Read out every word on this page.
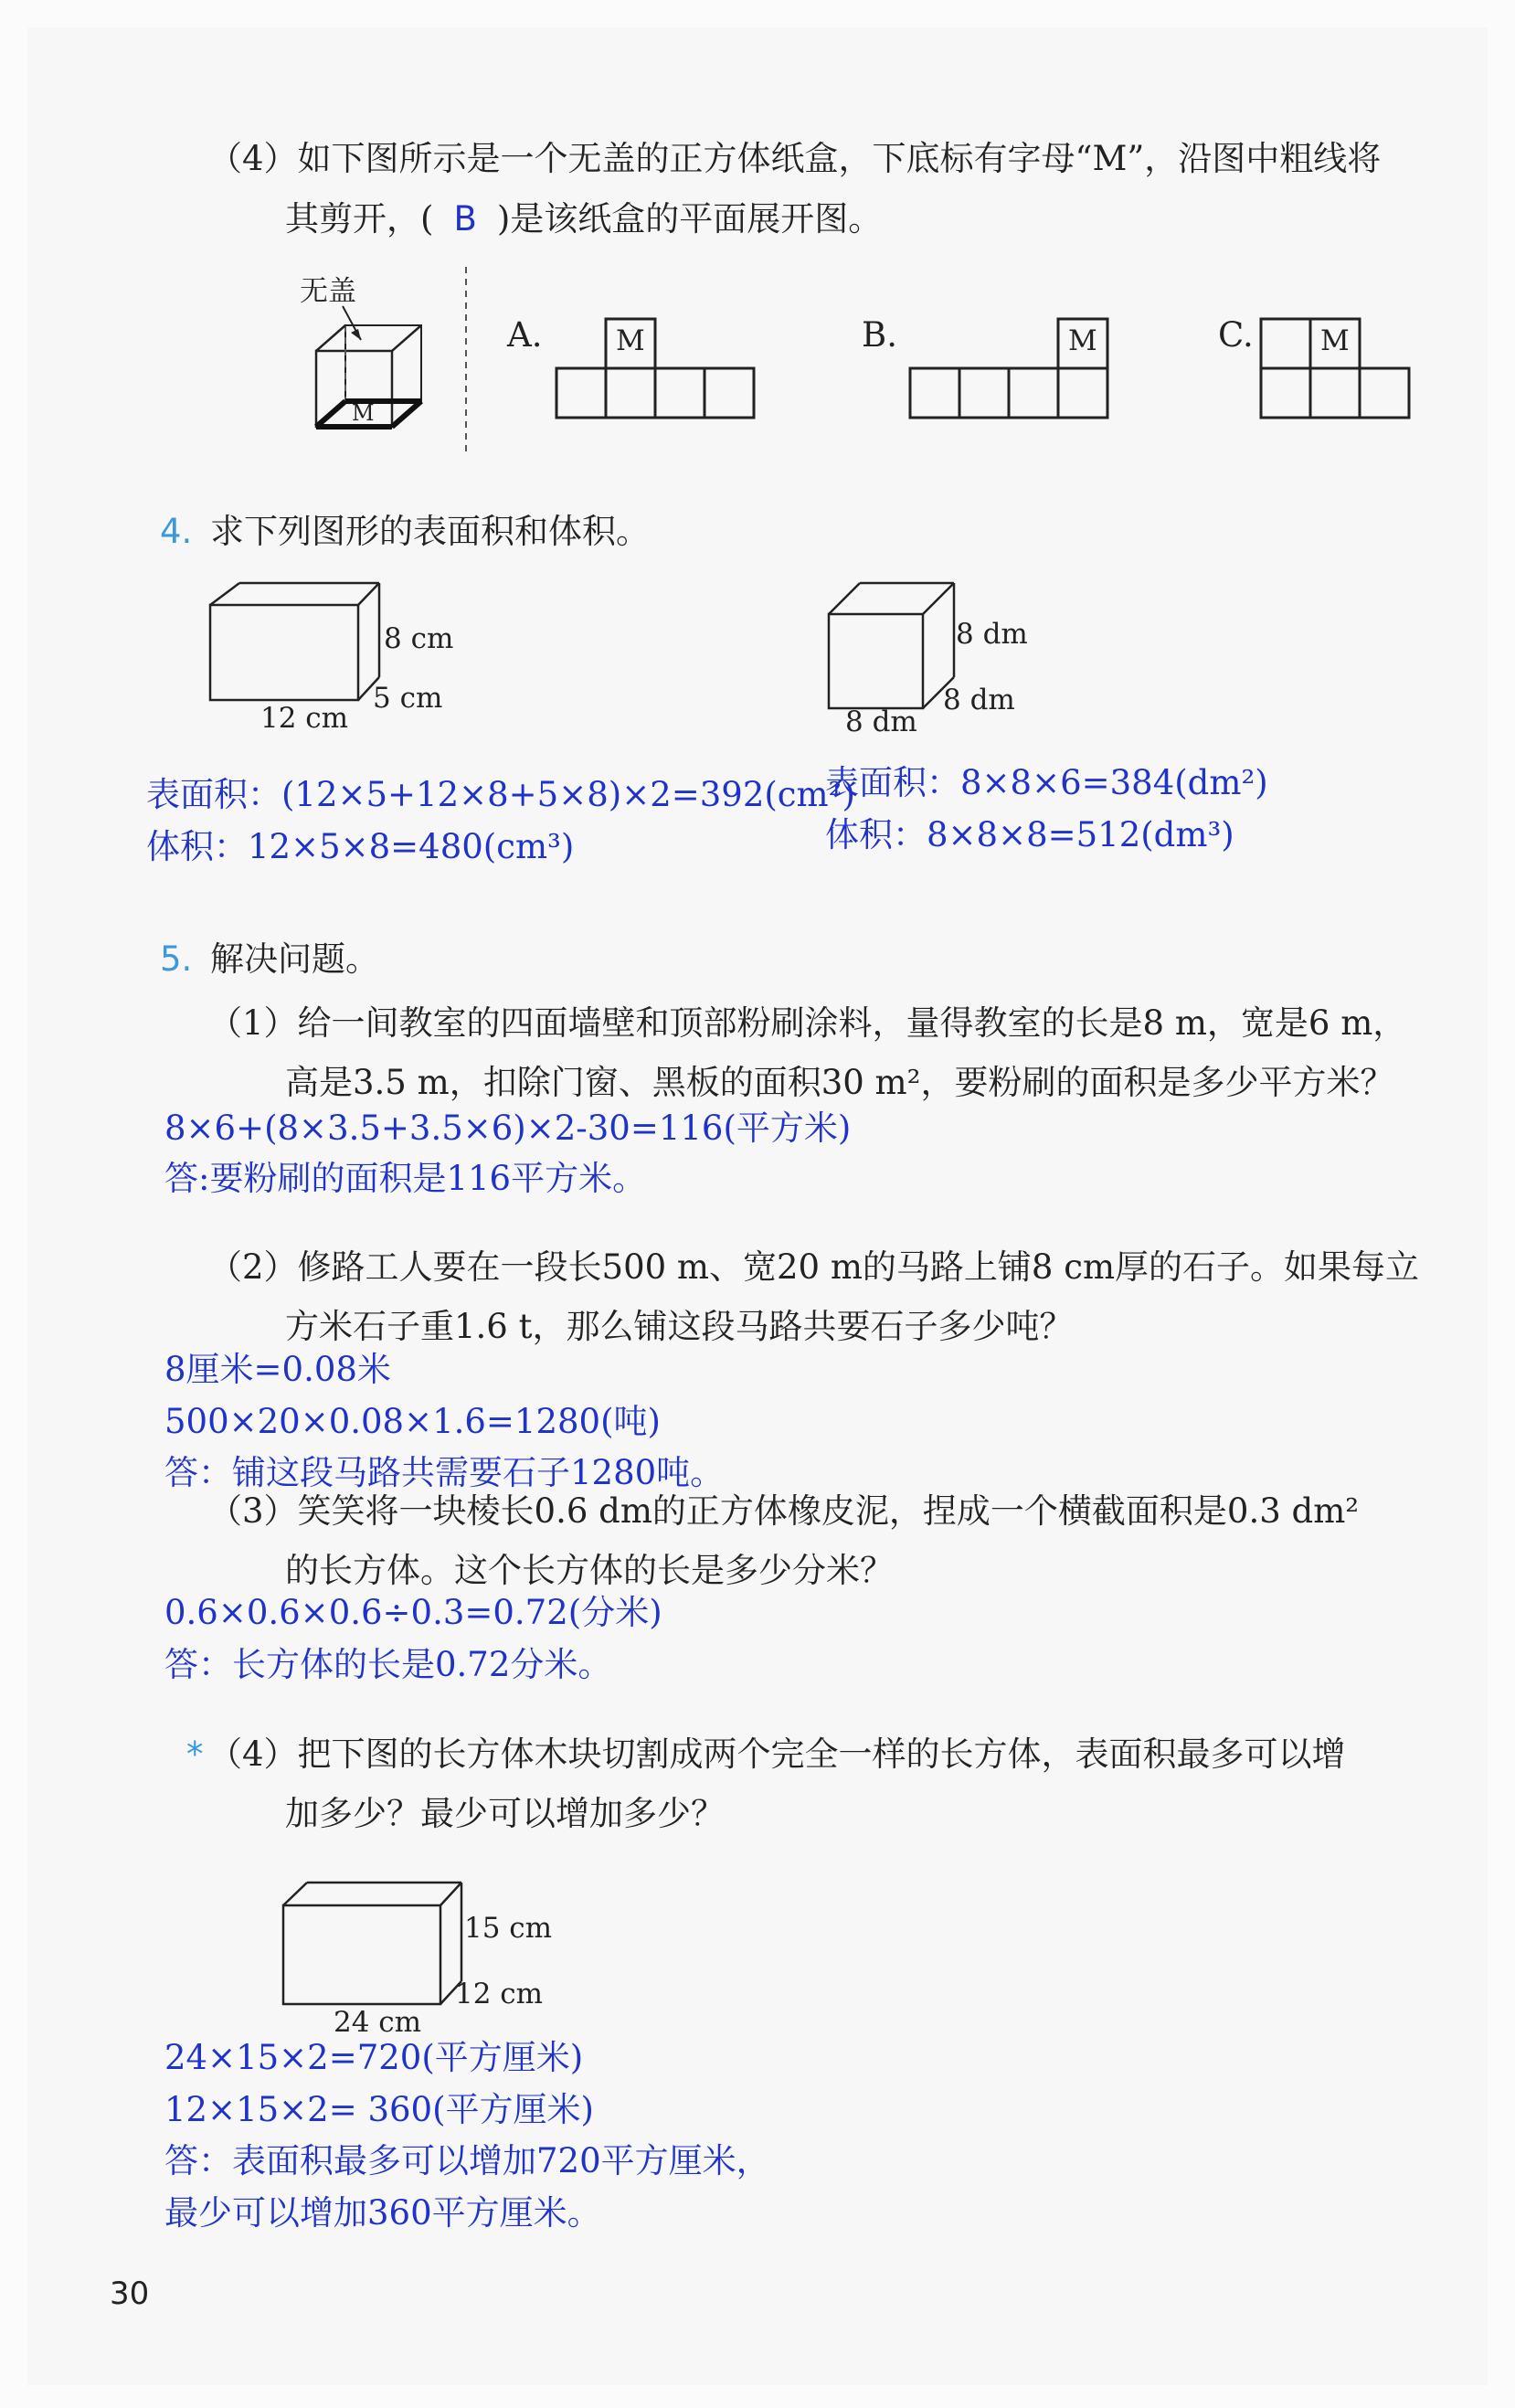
（4）如下图所示是一个无盖的正方体纸盒，下底标有字母“M”，沿图中粗线将
其剪开，( B )是该纸盒的平面展开图。
无盖
M
A.	M	B.	M	C. M
4. 求下列图形的表面积和体积。
8 cm
5 cm
12 cm
8 dm
8 dm
8 dm
表面积：(12×5+12×8+5×8)×2=392(cm²)
体积：12×5×8=480(cm³)
表面积：8×8×6=384(dm²)
体积：8×8×8=512(dm³)
5. 解决问题。
（1）给一间教室的四面墙壁和顶部粉刷涂料，量得教室的长是8 m，宽是6 m，
高是3.5 m，扣除门窗、黑板的面积30 m²，要粉刷的面积是多少平方米？
8×6+(8×3.5+3.5×6)×2-30=116(平方米)
答:要粉刷的面积是116平方米。
（2）修路工人要在一段长500 m、宽20 m的马路上铺8 cm厚的石子。如果每立
方米石子重1.6 t，那么铺这段马路共要石子多少吨？
8厘米=0.08米
500×20×0.08×1.6=1280(吨)
答：铺这段马路共需要石子1280吨。
（3）笑笑将一块棱长0.6 dm的正方体橡皮泥，捏成一个横截面积是0.3 dm²
的长方体。这个长方体的长是多少分米？
0.6×0.6×0.6÷0.3=0.72(分米)
答：长方体的长是0.72分米。
* （4）把下图的长方体木块切割成两个完全一样的长方体，表面积最多可以增
加多少？最少可以增加多少？
15 cm
12 cm
24 cm
24×15×2=720(平方厘米)
12×15×2= 360(平方厘米)
答：表面积最多可以增加720平方厘米，
最少可以增加360平方厘米。
30
